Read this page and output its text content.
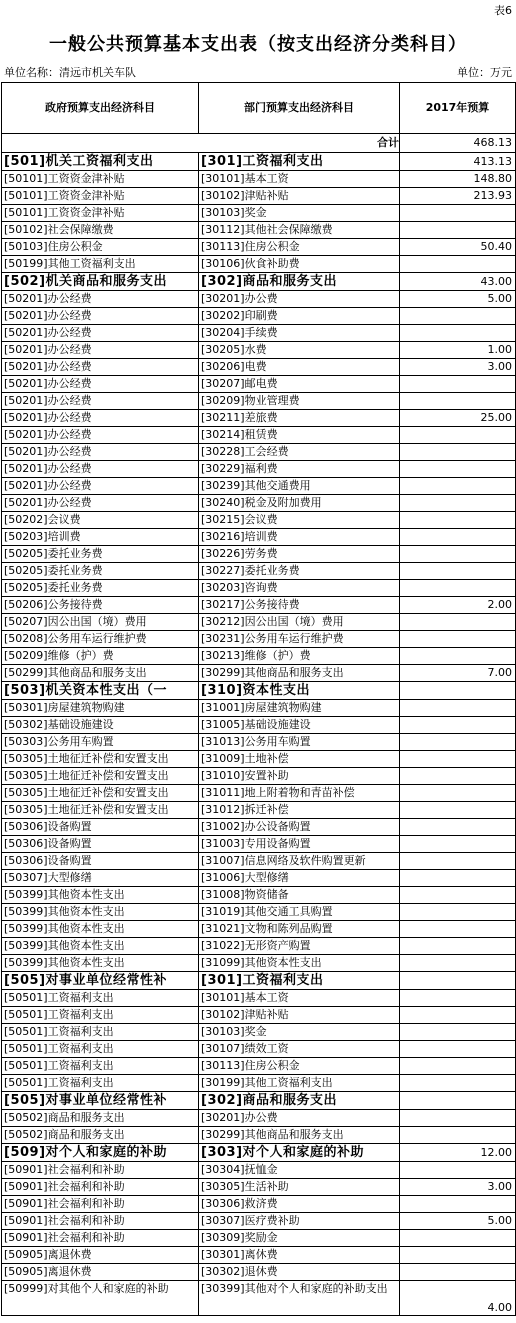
表6
一般公共预算基本支出表（按支出经济分类科目）
单位名称：清远市机关车队	单位：万元
政府预算支出经济科目	部门预算支出经济科目	2017年预算
合计		468.13
[501]机关工资福利支出	[301]工资福利支出	413.13
[50101]工资资金津补贴	[30101]基本工资	148.80
[50101]工资资金津补贴	[30102]津贴补贴	213.93
[50101]工资资金津补贴	[30103]奖金	
[50102]社会保障缴费	[30112]其他社会保障缴费	
[50103]住房公积金	[30113]住房公积金	50.40
[50199]其他工资福利支出	[30106]伙食补助费	
[502]机关商品和服务支出	[302]商品和服务支出	43.00
[50201]办公经费	[30201]办公费	5.00
[50201]办公经费	[30202]印刷费	
[50201]办公经费	[30204]手续费	
[50201]办公经费	[30205]水费	1.00
[50201]办公经费	[30206]电费	3.00
[50201]办公经费	[30207]邮电费	
[50201]办公经费	[30209]物业管理费	
[50201]办公经费	[30211]差旅费	25.00
[50201]办公经费	[30214]租赁费	
[50201]办公经费	[30228]工会经费	
[50201]办公经费	[30229]福利费	
[50201]办公经费	[30239]其他交通费用	
[50201]办公经费	[30240]税金及附加费用	
[50202]会议费	[30215]会议费	
[50203]培训费	[30216]培训费	
[50205]委托业务费	[30226]劳务费	
[50205]委托业务费	[30227]委托业务费	
[50205]委托业务费	[30203]咨询费	
[50206]公务接待费	[30217]公务接待费	2.00
[50207]因公出国（境）费用	[30212]因公出国（境）费用	
[50208]公务用车运行维护费	[30231]公务用车运行维护费	
[50209]维修（护）费	[30213]维修（护）费	
[50299]其他商品和服务支出	[30299]其他商品和服务支出	7.00
[503]机关资本性支出（一	[310]资本性支出	
[50301]房屋建筑物购建	[31001]房屋建筑物购建	
[50302]基础设施建设	[31005]基础设施建设	
[50303]公务用车购置	[31013]公务用车购置	
[50305]土地征迁补偿和安置支出	[31009]土地补偿	
[50305]土地征迁补偿和安置支出	[31010]安置补助	
[50305]土地征迁补偿和安置支出	[31011]地上附着物和青苗补偿	
[50305]土地征迁补偿和安置支出	[31012]拆迁补偿	
[50306]设备购置	[31002]办公设备购置	
[50306]设备购置	[31003]专用设备购置	
[50306]设备购置	[31007]信息网络及软件购置更新	
[50307]大型修缮	[31006]大型修缮	
[50399]其他资本性支出	[31008]物资储备	
[50399]其他资本性支出	[31019]其他交通工具购置	
[50399]其他资本性支出	[31021]文物和陈列品购置	
[50399]其他资本性支出	[31022]无形资产购置	
[50399]其他资本性支出	[31099]其他资本性支出	
[505]对事业单位经常性补	[301]工资福利支出	
[50501]工资福利支出	[30101]基本工资	
[50501]工资福利支出	[30102]津贴补贴	
[50501]工资福利支出	[30103]奖金	
[50501]工资福利支出	[30107]绩效工资	
[50501]工资福利支出	[30113]住房公积金	
[50501]工资福利支出	[30199]其他工资福利支出	
[505]对事业单位经常性补	[302]商品和服务支出	
[50502]商品和服务支出	[30201]办公费	
[50502]商品和服务支出	[30299]其他商品和服务支出	
[509]对个人和家庭的补助	[303]对个人和家庭的补助	12.00
[50901]社会福利和补助	[30304]抚恤金	
[50901]社会福利和补助	[30305]生活补助	3.00
[50901]社会福利和补助	[30306]救济费	
[50901]社会福利和补助	[30307]医疗费补助	5.00
[50901]社会福利和补助	[30309]奖励金	
[50905]离退休费	[30301]离休费	
[50905]离退休费	[30302]退休费	
[50999]对其他个人和家庭的补助	[30399]其他对个人和家庭的补助支出	4.00
